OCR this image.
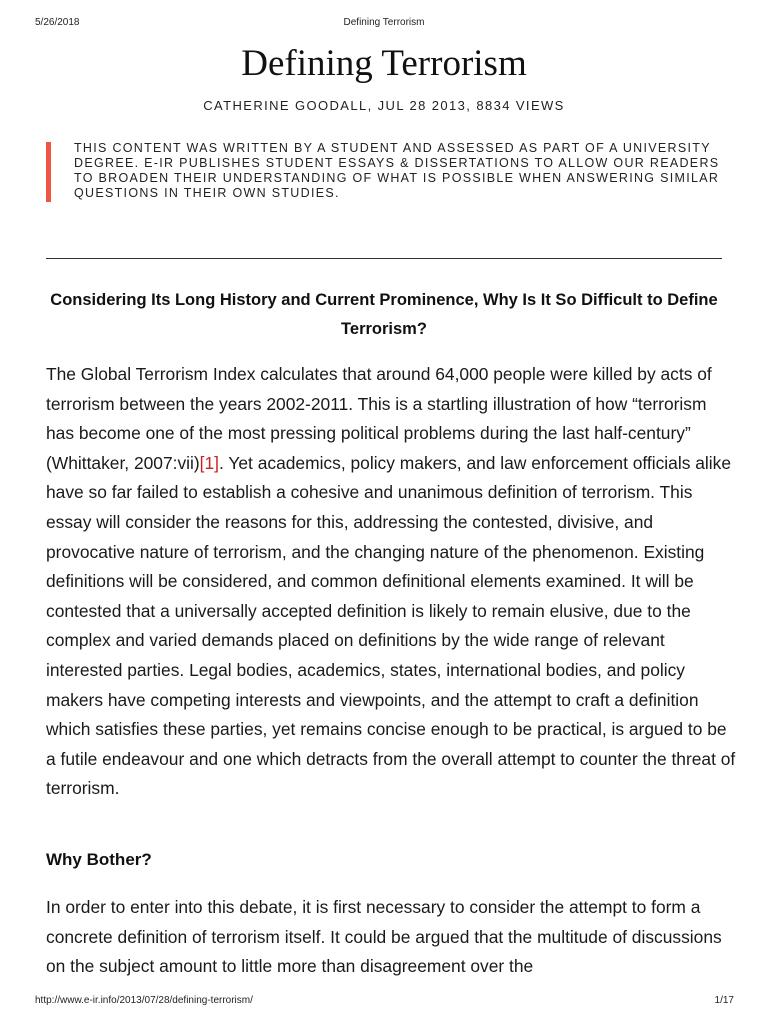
5/26/2018	Defining Terrorism
Defining Terrorism
CATHERINE GOODALL, JUL 28 2013, 8834 VIEWS
THIS CONTENT WAS WRITTEN BY A STUDENT AND ASSESSED AS PART OF A UNIVERSITY DEGREE. E-IR PUBLISHES STUDENT ESSAYS & DISSERTATIONS TO ALLOW OUR READERS TO BROADEN THEIR UNDERSTANDING OF WHAT IS POSSIBLE WHEN ANSWERING SIMILAR QUESTIONS IN THEIR OWN STUDIES.
Considering Its Long History and Current Prominence, Why Is It So Difficult to Define Terrorism?

The Global Terrorism Index calculates that around 64,000 people were killed by acts of terrorism between the years 2002-2011. This is a startling illustration of how “terrorism has become one of the most pressing political problems during the last half-century” (Whittaker, 2007:vii)[1]. Yet academics, policy makers, and law enforcement officials alike have so far failed to establish a cohesive and unanimous definition of terrorism. This essay will consider the reasons for this, addressing the contested, divisive, and provocative nature of terrorism, and the changing nature of the phenomenon. Existing definitions will be considered, and common definitional elements examined. It will be contested that a universally accepted definition is likely to remain elusive, due to the complex and varied demands placed on definitions by the wide range of relevant interested parties. Legal bodies, academics, states, international bodies, and policy makers have competing interests and viewpoints, and the attempt to craft a definition which satisfies these parties, yet remains concise enough to be practical, is argued to be a futile endeavour and one which detracts from the overall attempt to counter the threat of terrorism.

Why Bother?

In order to enter into this debate, it is first necessary to consider the attempt to form a concrete definition of terrorism itself. It could be argued that the multitude of discussions on the subject amount to little more than disagreement over the

http://www.e-ir.info/2013/07/28/defining-terrorism/	1/17
